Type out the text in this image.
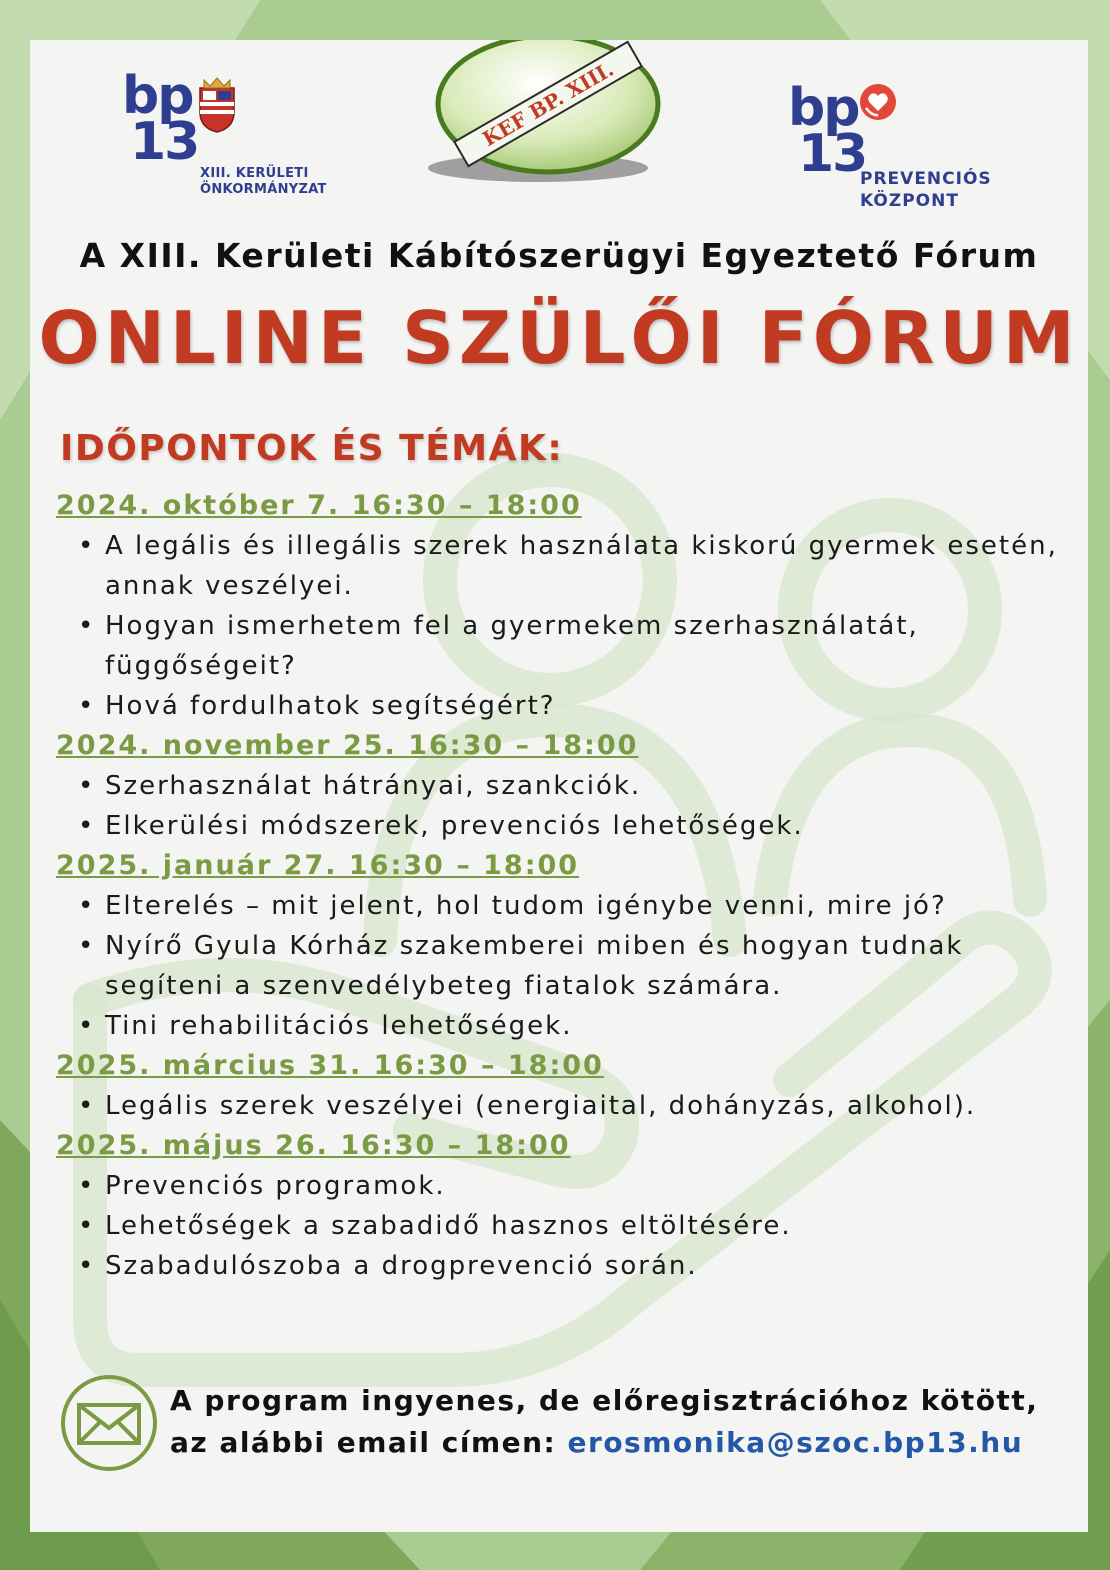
bp
13
XIII. KERÜLETI
ÖNKORMÁNYZAT
KEF BP. XIII.	bp
13
PREVENCIÓS
KÖZPONT
A XIII. Kerületi Kábítószerügyi Egyeztető Fórum
ONLINE SZÜLŐI FÓRUM
IDŐPONTOK ÉS TÉMÁK:
2024. október 7. 16:30 – 18:00
• A legális és illegális szerek használata kiskorú gyermek esetén, annak veszélyei.
• Hogyan ismerhetem fel a gyermekem szerhasználatát, függőségeit?
• Hová fordulhatok segítségért?
2024. november 25. 16:30 – 18:00
• Szerhasználat hátrányai, szankciók.
• Elkerülési módszerek, prevenciós lehetőségek.
2025. január 27. 16:30 – 18:00
• Elterelés – mit jelent, hol tudom igénybe venni, mire jó?
• Nyírő Gyula Kórház szakemberei miben és hogyan tudnak segíteni a szenvedélybeteg fiatalok számára.
• Tini rehabilitációs lehetőségek.
2025. március 31. 16:30 – 18:00
• Legális szerek veszélyei (energiaital, dohányzás, alkohol).
2025. május 26. 16:30 – 18:00
• Prevenciós programok.
• Lehetőségek a szabadidő hasznos eltöltésére.
• Szabadulószoba a drogprevenció során.
A program ingyenes, de előregisztrációhoz kötött,
az alábbi email címen: erosmonika@szoc.bp13.hu
